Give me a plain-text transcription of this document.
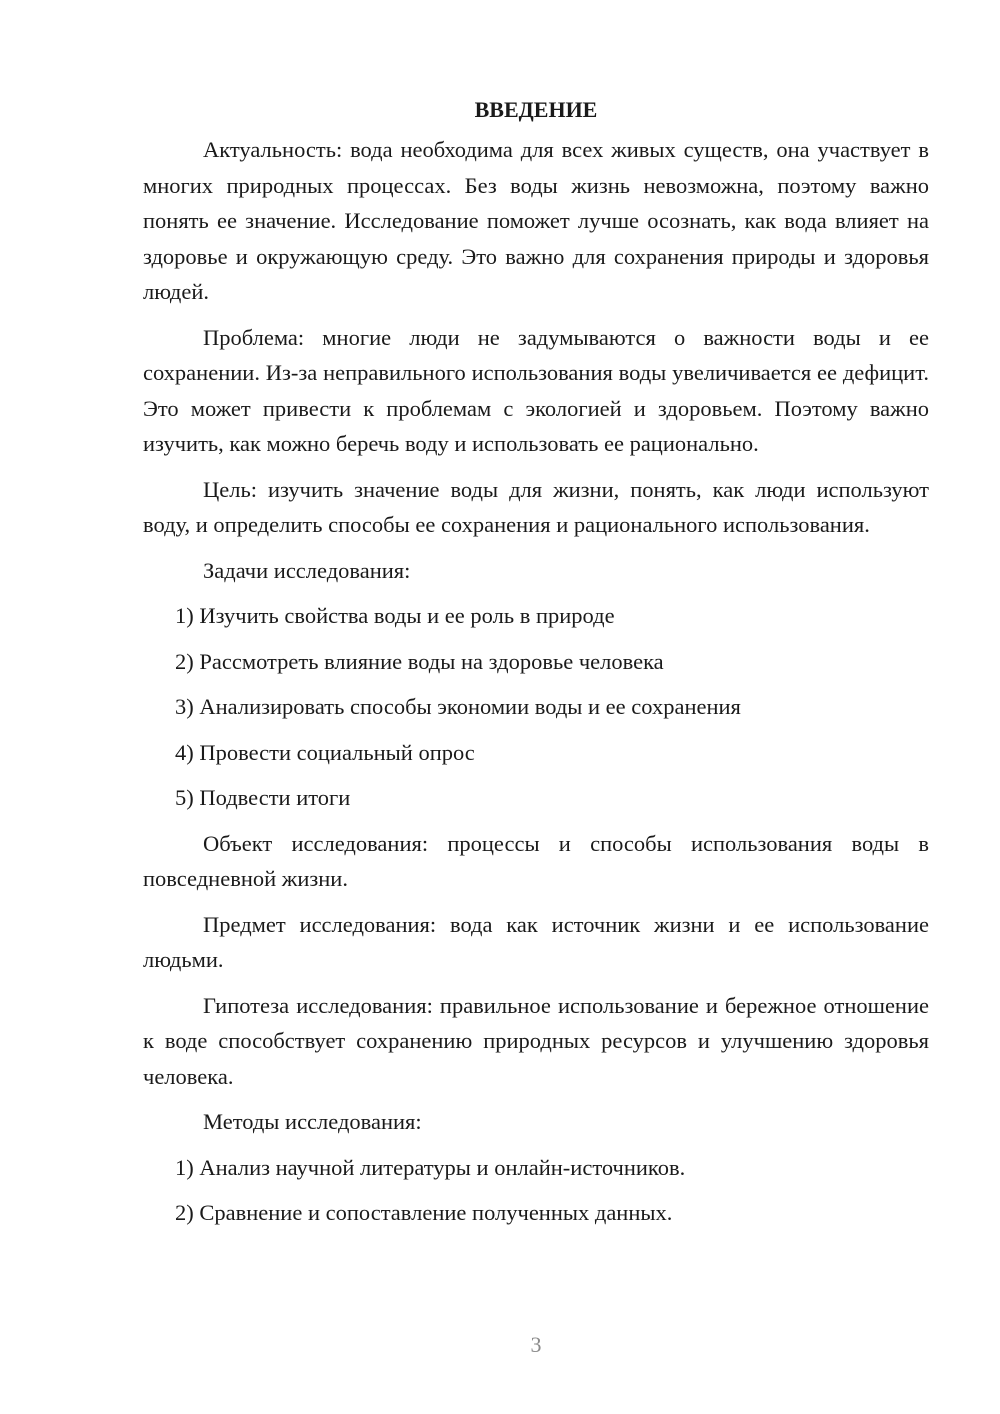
ВВЕДЕНИЕ

Актуальность: вода необходима для всех живых существ, она участвует в многих природных процессах. Без воды жизнь невозможна, поэтому важно понять ее значение. Исследование поможет лучше осознать, как вода влияет на здоровье и окружающую среду. Это важно для сохранения природы и здоровья людей.

Проблема: многие люди не задумываются о важности воды и ее сохранении. Из-за неправильного использования воды увеличивается ее дефицит. Это может привести к проблемам с экологией и здоровьем. Поэтому важно изучить, как можно беречь воду и использовать ее рационально.

Цель: изучить значение воды для жизни, понять, как люди используют воду, и определить способы ее сохранения и рационального использования.

Задачи исследования:

1) Изучить свойства воды и ее роль в природе
2) Рассмотреть влияние воды на здоровье человека
3) Анализировать способы экономии воды и ее сохранения
4) Провести социальный опрос
5) Подвести итоги

Объект исследования: процессы и способы использования воды в повседневной жизни.

Предмет исследования: вода как источник жизни и ее использование людьми.

Гипотеза исследования: правильное использование и бережное отношение к воде способствует сохранению природных ресурсов и улучшению здоровья человека.

Методы исследования:

1) Анализ научной литературы и онлайн-источников.
2) Сравнение и сопоставление полученных данных.
3
